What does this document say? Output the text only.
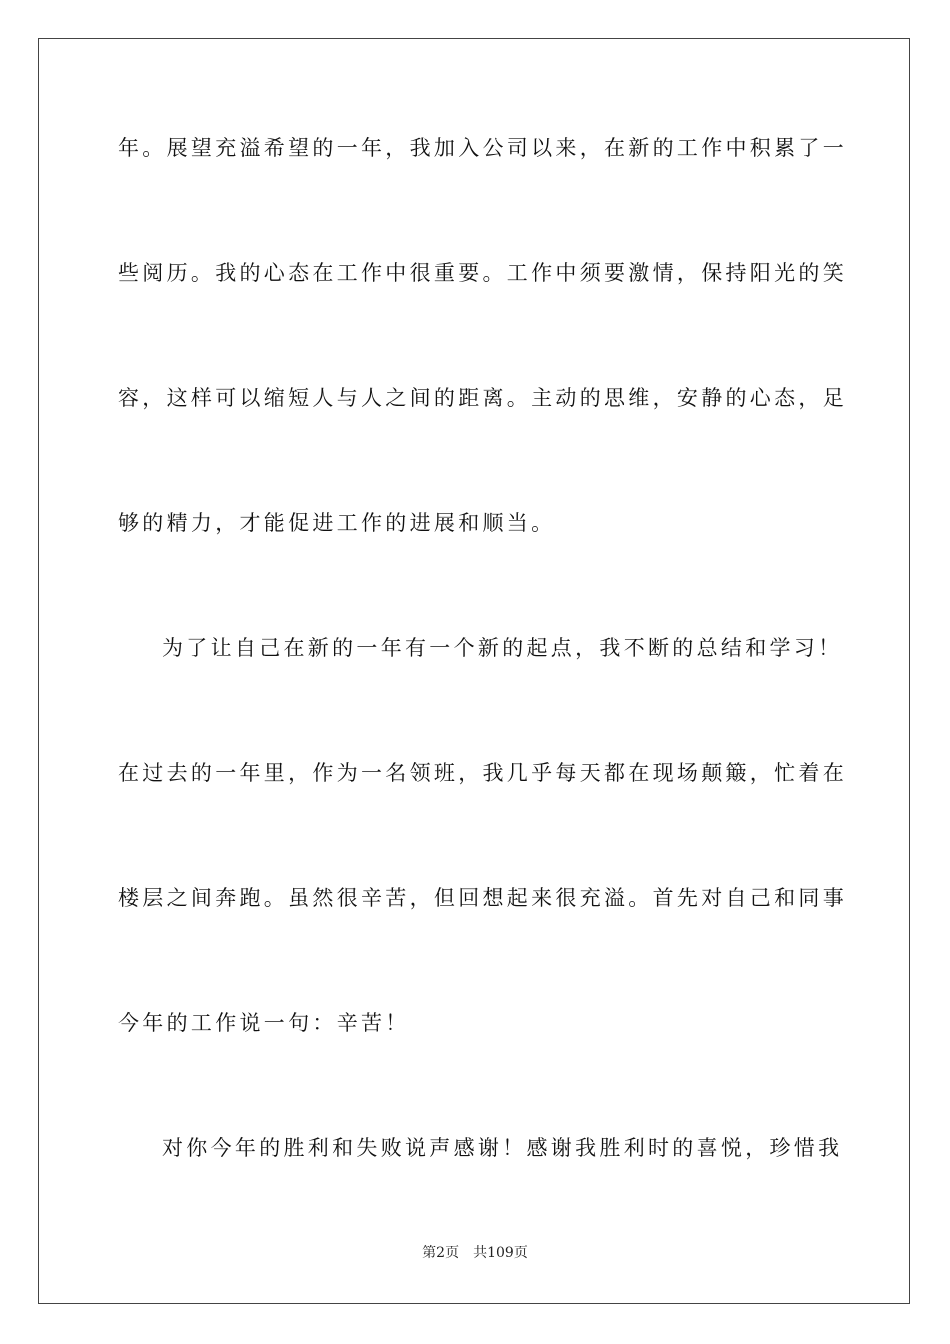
年。展望充溢希望的一年，我加入公司以来，在新的工作中积累了一
些阅历。我的心态在工作中很重要。工作中须要激情，保持阳光的笑
容，这样可以缩短人与人之间的距离。主动的思维，安静的心态，足
够的精力，才能促进工作的进展和顺当。
为了让自己在新的一年有一个新的起点，我不断的总结和学习！
在过去的一年里，作为一名领班，我几乎每天都在现场颠簸，忙着在
楼层之间奔跑。虽然很辛苦，但回想起来很充溢。首先对自己和同事
今年的工作说一句：辛苦！
对你今年的胜利和失败说声感谢！感谢我胜利时的喜悦，珍惜我
第2页 共109页
